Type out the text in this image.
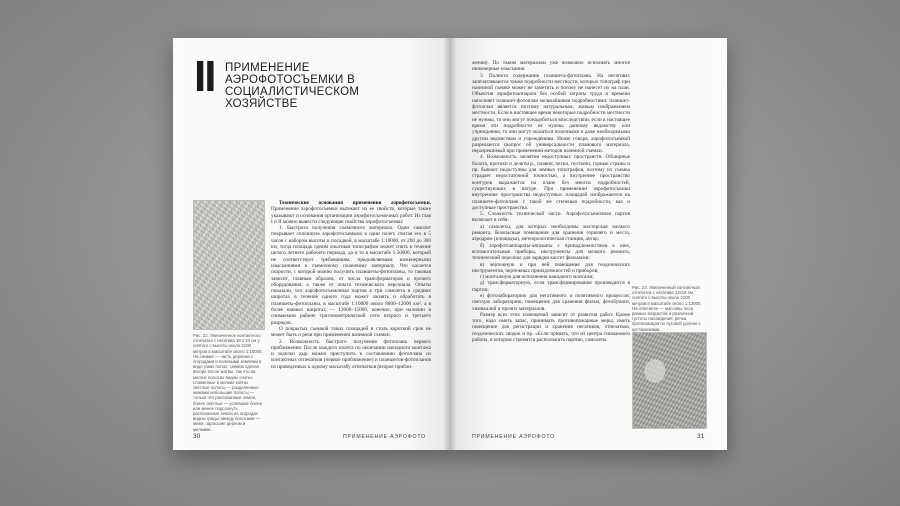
II ПРИМЕНЕНИЕ АЭРОФОТОСЪЕМКИ В СОЦИАЛИСТИЧЕСКОМ ХОЗЯЙСТВЕ

Рис. 22. Увеличенное контактного отпечатка с негатива 18 х 24 см у снятого с высоты около 2100 метров в масштабе около 1:10000. На снимке — часть деревни с огородами и полевыми землями в виде узких полос; снимок сделан вскоре после жатвы, так что на многих полосах видны снопы; сложенные в мелкие копны светлые полосы — разделенные межами небольшие полосы — только что распаханные земли, более светлые — успевшие более или менее подсохнуть распаханные земли на огородах видны гряды; между полосами — межи, заросшие дерном и мелкими.

Технические основания применения аэрофотосъемки. Применение аэрофотосъемки вытекает из ее свойств, которые также указывают и основания организации аэрофотосъемочных работ. Из глав I и II можно вывести следующие свойства аэрофотосъемки:

1. Быстрота получения съемочного материала. Один самолет покрывает сплошную аэрофотосъемкою в один полет, считая его в 5 часов с набором высоты и посадкой, в масштабе 1:10000, от 200 до 300 км, тогда площадь одним опытным топографом может снять в течение целого летнего рабочего периода, да и то в масштабе 1:50000, который не соответствует требованиям, предъявляемым инженерными изысканиями к съемочному плановому материалу. Что касается скорости, с которой можно получить планшеты-фотопланы, то таковая зависит, главным образом, от числа трансформаторов и прочего оборудования, а также от опыта технического персонала. Опыты показали, что аэрофотосъемочная партия в три самолета в средних широтах в течение одного года может заснять и обработать в планшеты-фотопланы, в масштабе 1:10000 около 8000–12000 км², а в более южных широтах — 12000–15000, конечно, при наличии в снимаемом районе тригонометрической сети второго и третьего разрядов.

О покрытых съемкой таких площадей в столь короткий срок не может быть и речи при применении наземной съемки.

2. Возможность быстрого получения фотоплана первого приближения. После каждого полета по окончании накидного монтажа и заделки дыр можно приступить к составлению фотоплана из контактных отпечатков (первое приближение) и планшетов-фотопланов из приведенных к одному масштабу отпечатков (второе прибли-

30	ПРИМЕНЕНИЕ АЭРОФОТО

жения). По таким материалам уже возможно исполнять многие инженерные изыскания.

3. Полнота содержания планшета-фотоплана. На негативах запечатлеваются также подробности местности, которых топограф при наземной съемке может не заметить и потому не нанесет их на план. Объектив аэрофотоаппарата без особой затраты труда и времени наполняет планшет-фотоплан мельчайшими подробностями; планшет-фотоплан является поэтому натуральным, живым изображением местности. Если в настоящее время некоторые подробности местности не нужны, то они могут понадобиться впоследствии; если в настоящее время эти подробности не нужны данному ведомству или учреждению, то они могут оказаться полезными и даже необходимыми другим ведомствам и учреждениям. Иначе говоря, аэрофотосъемкой разрешается (вопрос об универсальности планового материала, неразрешимый при применении методов наземной съемки.

4. Возможность заснятия недоступных пространств. Обширные болота, протоки и дельты р., плавни, пески, пустыни, горные страны и пр. бывают недоступны для земных топографов, поэтому их съемка страдает недостаточной точностью, а внутреннее пространство контуров выражается на плане без многих подробностей, существующих в натуре. При применении аэрофотосъемки внутренние пространства недоступных площадей изображаются на планшете-фотоплане с такой же степенью подробности, как и доступные пространства.

5. Сложность технической части. Аэрофотосъемочная партия включает в себя:

а) самолеты, для которых необходимы мастерская мелкого ремонта, безопасные помещения для хранения горючего и места, аэродром (площадка), метеорологическая станция, ангар;

б) аэрофотоаппараты-автоматы с принадлежностями к ним, вспомогательные приборы, инструменты для мелкого ремонта, технический персонал для зарядки кассет фильмами;

в) чертежную и при ней помещение для геодезических инструментов, чертежных принадлежностей и приборов;

г) монтажную для исполнения накидного монтажа;

д) трансформаторную, если трансформирование производится в партии;

е) фотолабораторию для негативного и позитивного процессов; светлую лабораторию; помещение для хранения фильм, фотобумаги, химикалий и прочих материалов.

Размер всех этих помещений зависит от развития работ. Кроме того, надо иметь запас, принимать противопожарные меры, иметь помещение для регистрации и хранения негативов, отпечатков, геодезических сводок и пр. «Если принять, что из центра снимаемого района, в котором стремятся расположить партию, самолеты

Рис. 23. Увеличенный контактный отпечаток с негатива 13х18 см, снятого с высоты около 2100 метров в масштабе около 1:12000. На отпечатке — массивы леса разных возрастов и различной густоты насаждения; речка, протекающая по луговой долине с кустарниками.

ПРИМЕНЕНИЕ АЭРОФОТО	31
